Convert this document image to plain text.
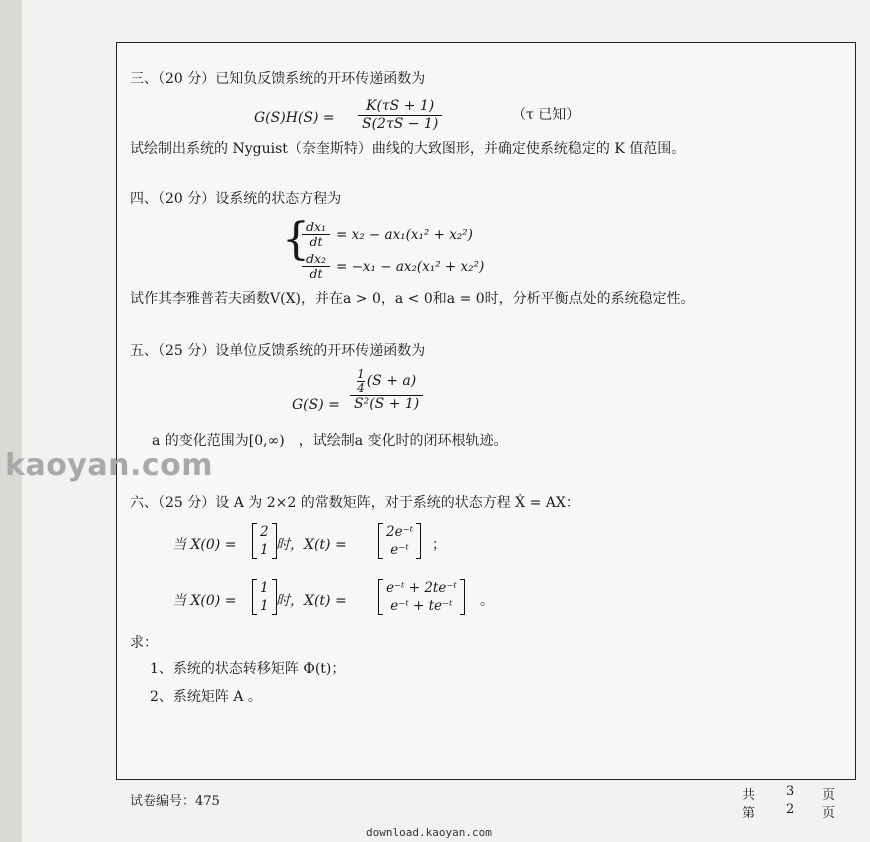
三、（20 分）已知负反馈系统的开环传递函数为
$G(S)H(S) = \frac{K(\tau S + 1)}{S(2\tau S - 1)}$	（τ 已知）
试绘制出系统的 Nyguist（奈奎斯特）曲线的大致图形，并确定使系统稳定的 K 值范围。
四、（20 分）设系统的状态方程为
{
$\frac{\text{dx₁}}{dt} = x_2 - ax_1(x_1^2 + x_2^2)$
$\frac{\text{dx₂}}{dt} = -x_1 - ax_2(x_1^2 + x_2^2)$
试作其李雅普若夫函数V(X)，并在a > 0，a < 0和a = 0时，分析平衡点处的系统稳定性。
五、（25 分）设单位反馈系统的开环传递函数为
G(S) = 1
4 (S + a)
S²(S + 1)
a 的变化范围为[0,∞)　，试绘制a 变化时的闭环根轨迹。
六、（25 分）设 A 为 2×2 的常数矩阵，对于系统的状态方程 Ẋ = AX：
当 X(0) =
2
1 时，X(t) =
2e⁻ᵗ
e⁻ᵗ	；
当 X(0) =
1
1 时，X(t) =
e⁻ᵗ + 2te⁻ᵗ
e⁻ᵗ + te⁻ᵗ	。
求：
1、系统的状态转移矩阵 Φ(t)；
2、系统矩阵 A 。
kaoyan.com
试卷编号：475	共 3 页
第 2 页
download.kaoyan.com
